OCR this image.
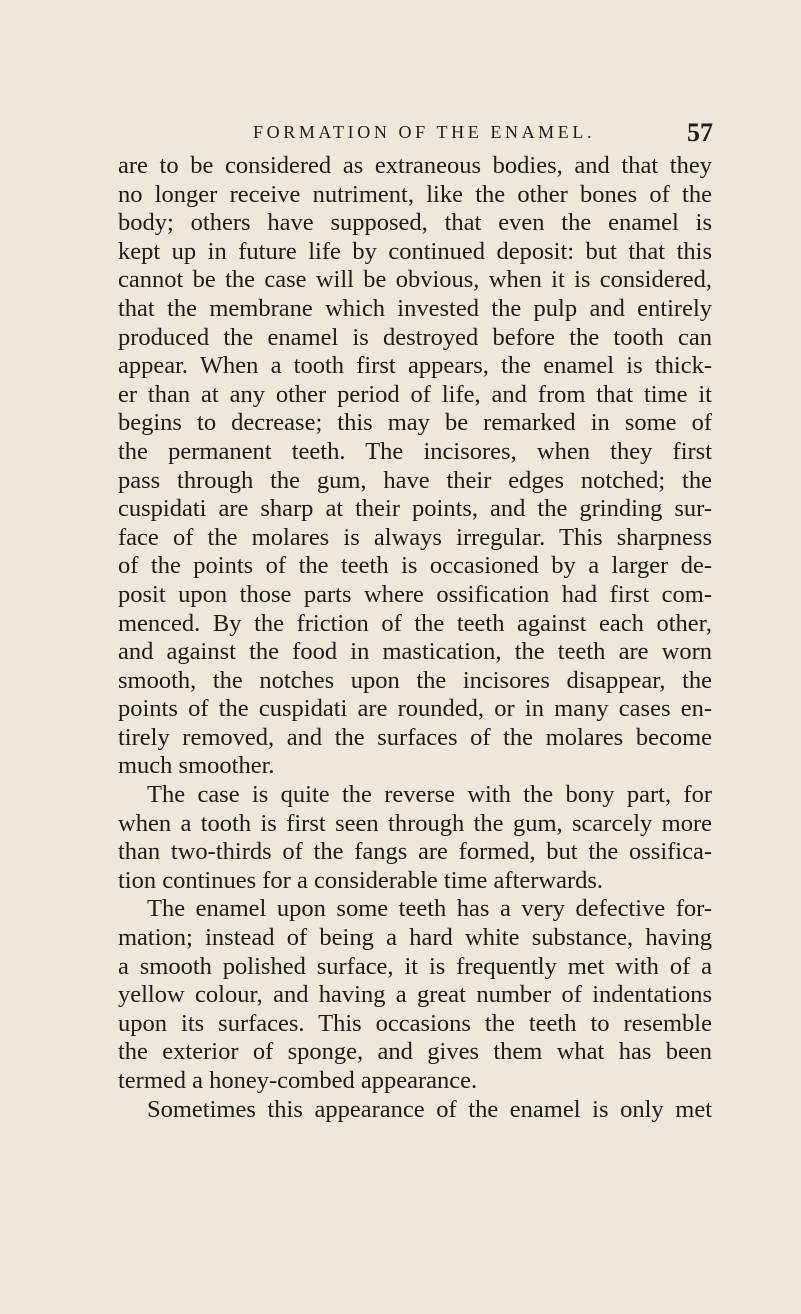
FORMATION OF THE ENAMEL.	57
are to be considered as extraneous bodies, and that they
no longer receive nutriment, like the other bones of the
body; others have supposed, that even the enamel is
kept up in future life by continued deposit: but that this
cannot be the case will be obvious, when it is considered,
that the membrane which invested the pulp and entirely
produced the enamel is destroyed before the tooth can
appear. When a tooth first appears, the enamel is thick-
er than at any other period of life, and from that time it
begins to decrease; this may be remarked in some of
the permanent teeth. The incisores, when they first
pass through the gum, have their edges notched; the
cuspidati are sharp at their points, and the grinding sur-
face of the molares is always irregular. This sharpness
of the points of the teeth is occasioned by a larger de-
posit upon those parts where ossification had first com-
menced. By the friction of the teeth against each other,
and against the food in mastication, the teeth are worn
smooth, the notches upon the incisores disappear, the
points of the cuspidati are rounded, or in many cases en-
tirely removed, and the surfaces of the molares become
much smoother.
The case is quite the reverse with the bony part, for
when a tooth is first seen through the gum, scarcely more
than two-thirds of the fangs are formed, but the ossifica-
tion continues for a considerable time afterwards.
The enamel upon some teeth has a very defective for-
mation; instead of being a hard white substance, having
a smooth polished surface, it is frequently met with of a
yellow colour, and having a great number of indentations
upon its surfaces. This occasions the teeth to resemble
the exterior of sponge, and gives them what has been
termed a honey-combed appearance.
Sometimes this appearance of the enamel is only met
